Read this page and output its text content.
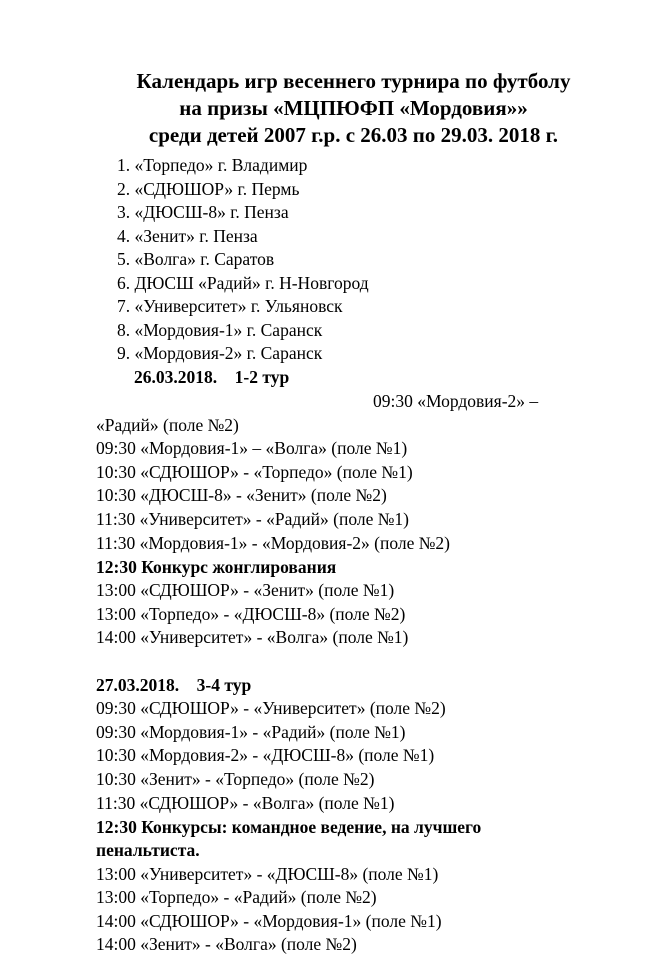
Календарь игр весеннего турнира по футболу
на призы «МЦПЮФП «Мордовия»»
среди детей 2007 г.р. с 26.03 по 29.03. 2018 г.
1. «Торпедо» г. Владимир
2. «СДЮШОР» г. Пермь
3. «ДЮСШ-8» г. Пенза
4. «Зенит» г. Пенза
5. «Волга» г. Саратов
6. ДЮСШ «Радий» г. Н-Новгород
7. «Университет» г. Ульяновск
8. «Мордовия-1» г. Саранск
9. «Мордовия-2» г. Саранск
26.03.2018.    1-2 тур
09:30 «Мордовия-2» –
«Радий» (поле №2)
09:30 «Мордовия-1» – «Волга» (поле №1)
10:30 «СДЮШОР» - «Торпедо» (поле №1)
10:30 «ДЮСШ-8» - «Зенит» (поле №2)
11:30 «Университет» - «Радий» (поле №1)
11:30 «Мордовия-1» - «Мордовия-2» (поле №2)
12:30 Конкурс жонглирования
13:00 «СДЮШОР» - «Зенит» (поле №1)
13:00 «Торпедо» - «ДЮСШ-8» (поле №2)
14:00 «Университет» - «Волга» (поле №1)
27.03.2018.    3-4 тур
09:30 «СДЮШОР» - «Университет» (поле №2)
09:30 «Мордовия-1» - «Радий» (поле №1)
10:30 «Мордовия-2» - «ДЮСШ-8» (поле №1)
10:30 «Зенит» - «Торпедо» (поле №2)
11:30 «СДЮШОР» - «Волга» (поле №1)
12:30 Конкурсы: командное ведение, на лучшего
пенальтиста.
13:00 «Университет» - «ДЮСШ-8» (поле №1)
13:00 «Торпедо» - «Радий» (поле №2)
14:00 «СДЮШОР» - «Мордовия-1» (поле №1)
14:00 «Зенит» - «Волга» (поле №2)
